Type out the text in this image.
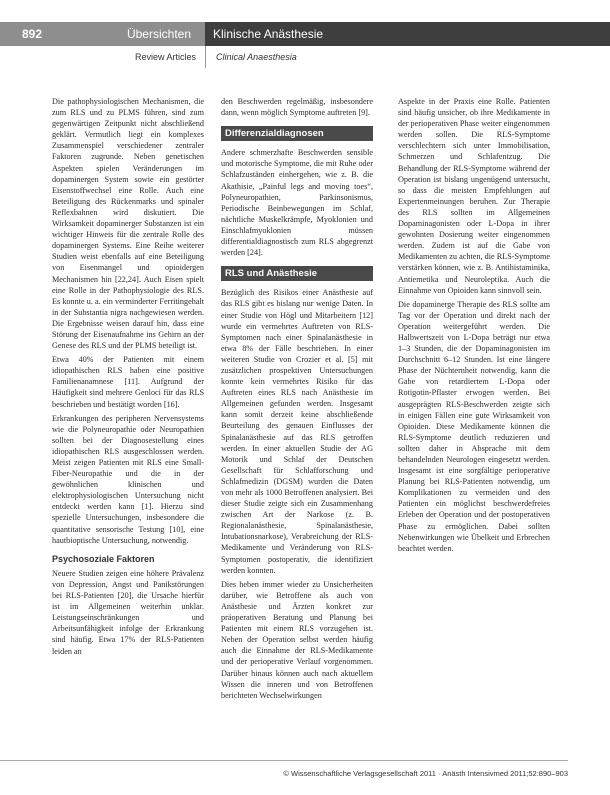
892	Übersichten Klinische Anästhesie
Review Articles Clinical Anaesthesia

Die pathophysiologischen Mechanismen, die zum RLS und zu PLMS führen, sind zum gegenwärtigen Zeitpunkt nicht abschließend geklärt. Vermutlich liegt ein komplexes Zusammenspiel verschiedener zentraler Faktoren zugrunde. Neben genetischen Aspekten spielen Veränderungen im dopaminergen System sowie ein gestörter Eisenstoffwechsel eine Rolle. Auch eine Beteiligung des Rückenmarks und spinaler Reflexbahnen wird diskutiert. Die Wirksamkeit dopaminerger Substanzen ist ein wichtiger Hinweis für die zentrale Rolle des dopaminergen Systems. Eine Reihe weiterer Studien weist ebenfalls auf eine Beteiligung von Eisenmangel und opioidergen Mechanismen hin [22,24]. Auch Eisen spielt eine Rolle in der Pathophysiologie des RLS. Es konnte u. a. ein verminderter Ferritingehalt in der Substantia nigra nachgewiesen werden. Die Ergebnisse weisen darauf hin, dass eine Störung der Eisenaufnahme ins Gehirn an der Genese des RLS und der PLMS beteiligt ist.

Etwa 40% der Patienten mit einem idiopathischen RLS haben eine positive Familienanamnese [11]. Aufgrund der Häufigkeit sind mehrere Genloci für das RLS beschrieben und bestätigt worden [16].

Erkrankungen des peripheren Nervensystems wie die Polyneuropathie oder Neuropathien sollten bei der Diagnosestellung eines idiopathischen RLS ausgeschlossen werden. Meist zeigen Patienten mit RLS eine Small-Fiber-Neuropathie und die in der gewöhnlichen klinischen und elektrophysiologischen Untersuchung nicht entdeckt werden kann [1]. Hierzu sind spezielle Untersuchungen, insbesondere die quantitative sensorische Testung [10], eine hautbioptische Untersuchung, notwendig.

Psychosoziale Faktoren

Neuere Studien zeigen eine höhere Prävalenz von Depression, Angst und Panikstörungen bei RLS-Patienten [20], die Ursache hierfür ist im Allgemeinen weiterhin unklar. Leistungseinschränkungen und Arbeitsunfähigkeit infolge der Erkrankung sind häufig. Etwa 17% der RLS-Patienten leiden an

den Beschwerden regelmäßig, insbesondere dann, wenn möglich Symptome auftreten [9].

Differenzialdiagnosen

Andere schmerzhafte Beschwerden sensible und motorische Symptome, die mit Ruhe oder Schlafzuständen einhergehen, wie z. B. die Akathisie, „Painful legs and moving toes“, Polyneuropathien, Parkinsonismus, Periodische Beinbewegungen im Schlaf, nächtliche Muskelkrämpfe, Myoklonien und Einschlafmyoklonien müssen differentialdiagnostisch zum RLS abgegrenzt werden [24].

RLS und Anästhesie

Bezüglich des Risikos einer Anästhesie auf das RLS gibt es bislang nur wenige Daten. In einer Studie von Högl und Mitarbeitern [12] wurde ein vermehrtes Auftreten von RLS-Symptomen nach einer Spinalanästhesie in etwa 8% der Fälle beschrieben. In einer weiteren Studie von Crozier et al. [5] mit zusätzlichen prospektiven Untersuchungen konnte kein vermehrtes Risiko für das Auftreten eines RLS nach Anästhesie im Allgemeinen gefunden werden. Insgesamt kann somit derzeit keine abschließende Beurteilung des genauen Einflusses der Spinalanästhesie auf das RLS getroffen werden. In einer aktuellen Studie der AG Motorik und Schlaf der Deutschen Gesellschaft für Schlafforschung und Schlafmedizin (DGSM) wurden die Daten von mehr als 1000 Betroffenen analysiert. Bei dieser Studie zeigte sich ein Zusammenhang zwischen Art der Narkose (z. B. Regionalanästhesie, Spinalanästhesie, Intubationsnarkose), Verabreichung der RLS-Medikamente und Veränderung von RLS-Symptomen postoperativ, die identifiziert werden konnten.

Dies heben immer wieder zu Unsicherheiten darüber, wie Betroffene als auch von Anästhesie und Ärzten konkret zur präoperativen Beratung und Planung bei Patienten mit einem RLS vorzugehen ist. Neben der Operation selbst werden häufig auch die Einnahme der RLS-Medikamente und der perioperative Verlauf vorgenommen. Darüber hinaus können auch nach aktuellem Wissen die inneren und von Betroffenen berichteten Wechselwirkungen

Aspekte in der Praxis eine Rolle. Patienten sind häufig unsicher, ob ihre Medikamente in der perioperativen Phase weiter eingenommen werden sollen. Die RLS-Symptome verschlechtern sich unter Immobilisation, Schmerzen und Schlafentzug. Die Behandlung der RLS-Symptome während der Operation ist bislang ungenügend untersucht, so dass die meisten Empfehlungen auf Expertenmeinungen beruhen. Zur Therapie des RLS sollten im Allgemeinen Dopaminagonisten oder L-Dopa in ihrer gewohnten Dosierung weiter eingenommen werden. Zudem ist auf die Gabe von Medikamenten zu achten, die RLS-Symptome verstärken können, wie z. B. Antihistaminika, Antiemetika und Neuroleptika. Auch die Einnahme von Opioiden kann sinnvoll sein.

Die dopaminerge Therapie des RLS sollte am Tag vor der Operation und direkt nach der Operation weitergeführt werden. Die Halbwertszeit von L-Dopa beträgt nur etwa 1–3 Stunden, die der Dopaminagonisten im Durchschnitt 6–12 Stunden. Ist eine längere Phase der Nüchternheit notwendig, kann die Gabe von retardiertem L-Dopa oder Rotigotin-Pflaster erwogen werden. Bei ausgeprägten RLS-Beschwerden zeigte sich in einigen Fällen eine gute Wirksamkeit von Opioiden. Diese Medikamente können die RLS-Symptome deutlich reduzieren und sollten daher in Absprache mit dem behandelnden Neurologen eingesetzt werden. Insgesamt ist eine sorgfältige perioperative Planung bei RLS-Patienten notwendig, um Komplikationen zu vermeiden und den Patienten ein möglichst beschwerdefreies Erleben der Operation und der postoperativen Phase zu ermöglichen. Dabei sollten Nebenwirkungen wie Übelkeit und Erbrechen beachtet werden.

© Wissenschaftliche Verlagsgesellschaft 2011 · Anästh Intensivmed 2011;52:890–903
